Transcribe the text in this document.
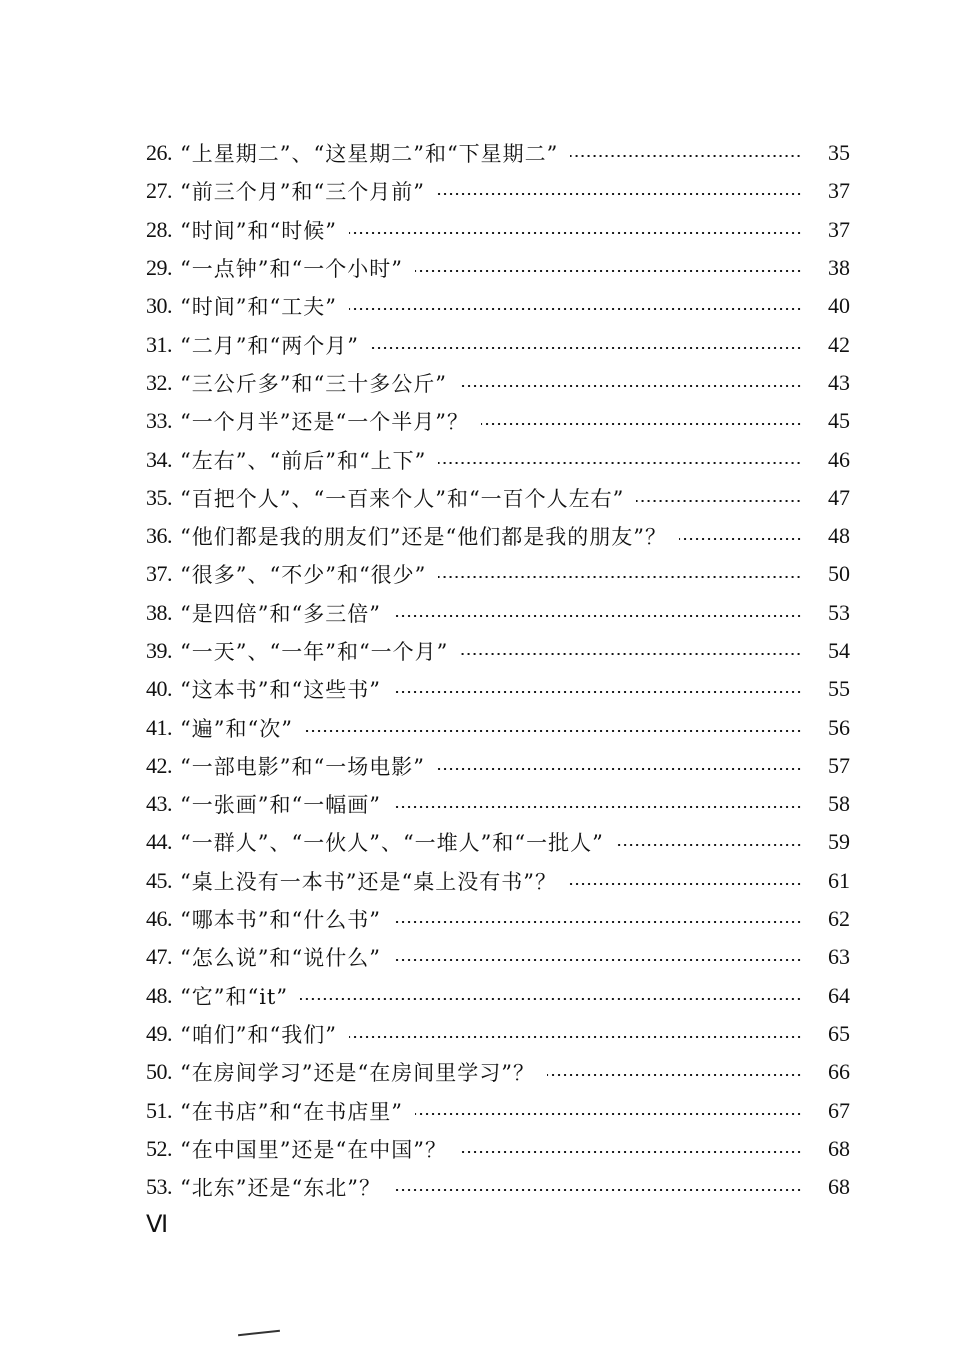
26. “上星期二”、“这星期二”和“下星期二”	35
27. “前三个月”和“三个月前”	37
28. “时间”和“时候”	37
29. “一点钟”和“一个小时”	38
30. “时间”和“工夫”	40
31. “二月”和“两个月”	42
32. “三公斤多”和“三十多公斤”	43
33. “一个月半”还是“一个半月”？	45
34. “左右”、“前后”和“上下”	46
35. “百把个人”、“一百来个人”和“一百个人左右”	47
36. “他们都是我的朋友们”还是“他们都是我的朋友”？	48
37. “很多”、“不少”和“很少”	50
38. “是四倍”和“多三倍”	53
39. “一天”、“一年”和“一个月”	54
40. “这本书”和“这些书”	55
41. “遍”和“次”	56
42. “一部电影”和“一场电影”	57
43. “一张画”和“一幅画”	58
44. “一群人”、“一伙人”、“一堆人”和“一批人”	59
45. “桌上没有一本书”还是“桌上没有书”？	61
46. “哪本书”和“什么书”	62
47. “怎么说”和“说什么”	63
48. “它”和“it”	64
49. “咱们”和“我们”	65
50. “在房间学习”还是“在房间里学习”？	66
51. “在书店”和“在书店里”	67
52. “在中国里”还是“在中国”？	68
53. “北东”还是“东北”？	68
Ⅵ
